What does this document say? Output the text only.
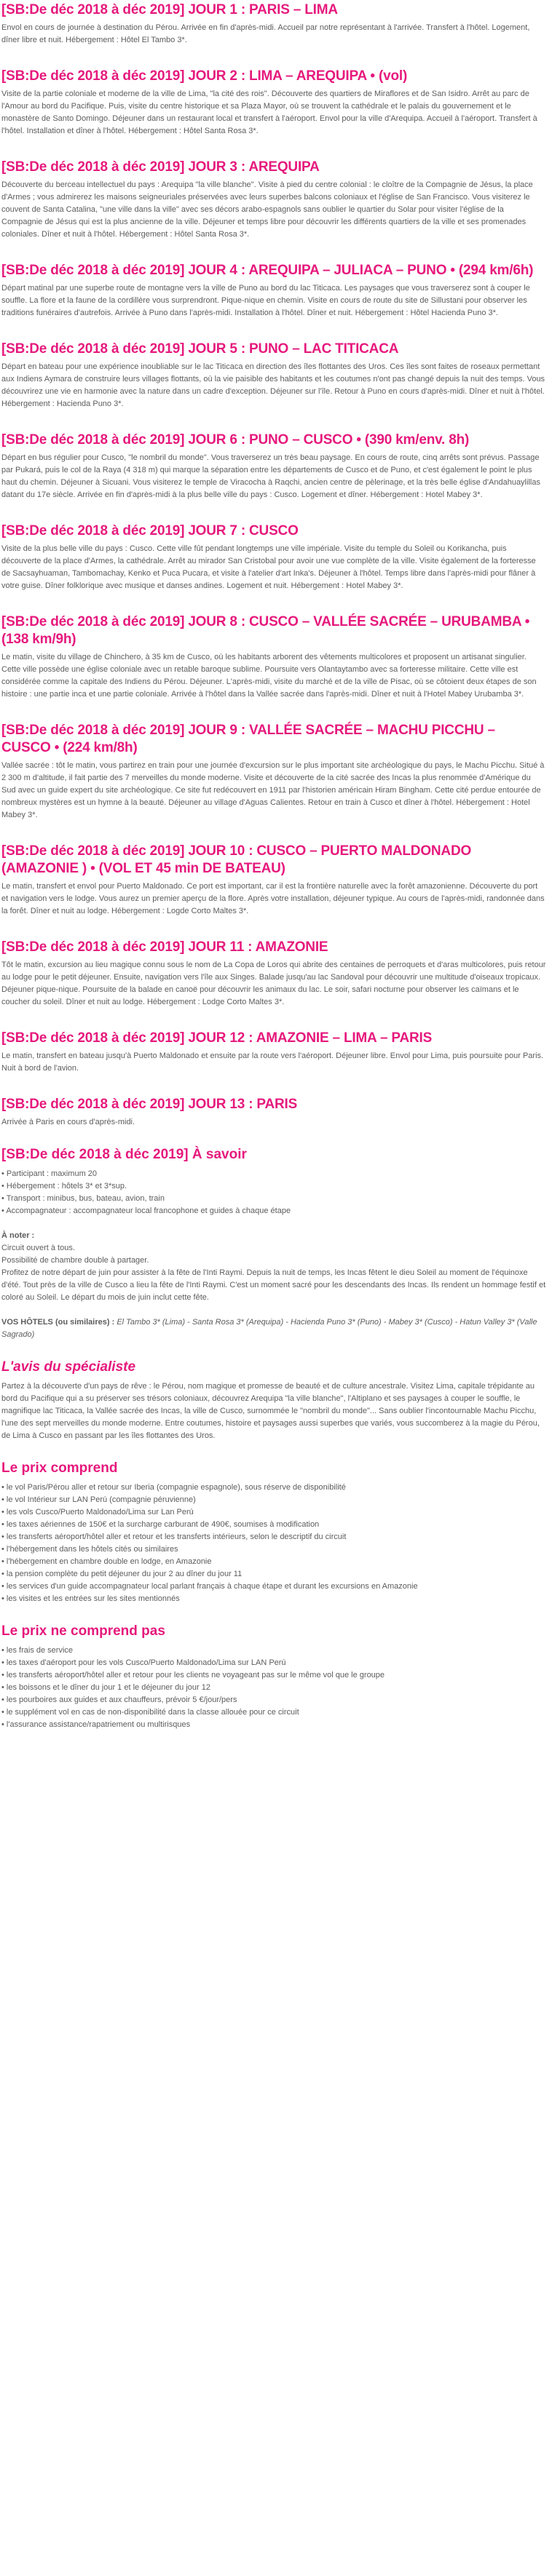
[SB:De déc 2018 à déc 2019] JOUR 1 : PARIS – LIMA

Envol en cours de journée à destination du Pérou. Arrivée en fin d'après-midi. Accueil par notre représentant à l'arrivée. Transfert à l'hôtel. Logement, dîner libre et nuit. Hébergement : Hôtel El Tambo 3*.

[SB:De déc 2018 à déc 2019] JOUR 2 : LIMA – AREQUIPA • (vol)

Visite de la partie coloniale et moderne de la ville de Lima, "la cité des rois". Découverte des quartiers de Miraflores et de San Isidro. Arrêt au parc de l'Amour au bord du Pacifique. Puis, visite du centre historique et sa Plaza Mayor, où se trouvent la cathédrale et le palais du gouvernement et le monastère de Santo Domingo. Déjeuner dans un restaurant local et transfert à l'aéroport. Envol pour la ville d'Arequipa. Accueil à l'aéroport. Transfert à l'hôtel. Installation et dîner à l'hôtel. Hébergement : Hôtel Santa Rosa 3*.

[SB:De déc 2018 à déc 2019] JOUR 3 : AREQUIPA

Découverte du berceau intellectuel du pays : Arequipa "la ville blanche". Visite à pied du centre colonial : le cloître de la Compagnie de Jésus, la place d'Armes ; vous admirerez les maisons seigneuriales préservées avec leurs superbes balcons coloniaux et l'église de San Francisco. Vous visiterez le couvent de Santa Catalina, "une ville dans la ville" avec ses décors arabo-espagnols sans oublier le quartier du Solar pour visiter l'église de la Compagnie de Jésus qui est la plus ancienne de la ville. Déjeuner et temps libre pour découvrir les différents quartiers de la ville et ses promenades coloniales. Dîner et nuit à l'hôtel. Hébergement : Hôtel Santa Rosa 3*.

[SB:De déc 2018 à déc 2019] JOUR 4 : AREQUIPA – JULIACA – PUNO • (294 km/6h)

Départ matinal par une superbe route de montagne vers la ville de Puno au bord du lac Titicaca. Les paysages que vous traverserez sont à couper le souffle. La flore et la faune de la cordillère vous surprendront. Pique-nique en chemin. Visite en cours de route du site de Sillustani pour observer les traditions funéraires d'autrefois. Arrivée à Puno dans l'après-midi. Installation à l'hôtel. Dîner et nuit. Hébergement : Hôtel Hacienda Puno 3*.

[SB:De déc 2018 à déc 2019] JOUR 5 : PUNO – LAC TITICACA

Départ en bateau pour une expérience inoubliable sur le lac Titicaca en direction des îles flottantes des Uros. Ces îles sont faites de roseaux permettant aux Indiens Aymara de construire leurs villages flottants, où la vie paisible des habitants et les coutumes n'ont pas changé depuis la nuit des temps. Vous découvrirez une vie en harmonie avec la nature dans un cadre d'exception. Déjeuner sur l'île. Retour à Puno en cours d'après-midi. Dîner et nuit à l'hôtel. Hébergement : Hacienda Puno 3*.

[SB:De déc 2018 à déc 2019] JOUR 6 : PUNO – CUSCO • (390 km/env. 8h)

Départ en bus régulier pour Cusco, "le nombril du monde". Vous traverserez un très beau paysage. En cours de route, cinq arrêts sont prévus. Passage par Pukará, puis le col de la Raya (4 318 m) qui marque la séparation entre les départements de Cusco et de Puno, et c'est également le point le plus haut du chemin. Déjeuner à Sicuani. Vous visiterez le temple de Viracocha à Raqchi, ancien centre de pèlerinage, et la très belle église d'Andahuaylillas datant du 17e siècle. Arrivée en fin d'après-midi à la plus belle ville du pays : Cusco. Logement et dîner. Hébergement : Hotel Mabey 3*.

[SB:De déc 2018 à déc 2019] JOUR 7 : CUSCO

Visite de la plus belle ville du pays : Cusco. Cette ville fût pendant longtemps une ville impériale. Visite du temple du Soleil ou Korikancha, puis découverte de la place d'Armes, la cathédrale. Arrêt au mirador San Cristobal pour avoir une vue complète de la ville. Visite également de la forteresse de Sacsayhuaman, Tambomachay, Kenko et Puca Pucara, et visite à l'atelier d'art Inka's. Déjeuner à l'hôtel. Temps libre dans l'après-midi pour flâner à votre guise. Dîner folklorique avec musique et danses andines. Logement et nuit. Hébergement : Hotel Mabey 3*.

[SB:De déc 2018 à déc 2019] JOUR 8 : CUSCO – VALLÉE SACRÉE – URUBAMBA • (138 km/9h)

Le matin, visite du village de Chinchero, à 35 km de Cusco, où les habitants arborent des vêtements multicolores et proposent un artisanat singulier. Cette ville possède une église coloniale avec un retable baroque sublime. Poursuite vers Olantaytambo avec sa forteresse militaire. Cette ville est considérée comme la capitale des Indiens du Pérou. Déjeuner. L'après-midi, visite du marché et de la ville de Pisac, où se côtoient deux étapes de son histoire : une partie inca et une partie coloniale. Arrivée à l'hôtel dans la Vallée sacrée dans l'après-midi. Dîner et nuit à l'Hotel Mabey Urubamba 3*.

[SB:De déc 2018 à déc 2019] JOUR 9 : VALLÉE SACRÉE – MACHU PICCHU – CUSCO • (224 km/8h)

Vallée sacrée : tôt le matin, vous partirez en train pour une journée d'excursion sur le plus important site archéologique du pays, le Machu Picchu. Situé à 2 300 m d'altitude, il fait partie des 7 merveilles du monde moderne. Visite et découverte de la cité sacrée des Incas la plus renommée d'Amérique du Sud avec un guide expert du site archéologique. Ce site fut redécouvert en 1911 par l'historien américain Hiram Bingham. Cette cité perdue entourée de nombreux mystères est un hymne à la beauté. Déjeuner au village d'Aguas Calientes. Retour en train à Cusco et dîner à l'hôtel. Hébergement : Hotel Mabey 3*.

[SB:De déc 2018 à déc 2019] JOUR 10 : CUSCO – PUERTO MALDONADO (AMAZONIE ) • (VOL ET 45 min DE BATEAU)

Le matin, transfert et envol pour Puerto Maldonado. Ce port est important, car il est la frontière naturelle avec la forêt amazonienne. Découverte du port et navigation vers le lodge. Vous aurez un premier aperçu de la flore. Après votre installation, déjeuner typique. Au cours de l'après-midi, randonnée dans la forêt. Dîner et nuit au lodge. Hébergement : Logde Corto Maltes 3*.

[SB:De déc 2018 à déc 2019] JOUR 11 : AMAZONIE

Tôt le matin, excursion au lieu magique connu sous le nom de La Copa de Loros qui abrite des centaines de perroquets et d'aras multicolores, puis retour au lodge pour le petit déjeuner. Ensuite, navigation vers l'île aux Singes. Balade jusqu'au lac Sandoval pour découvrir une multitude d'oiseaux tropicaux. Déjeuner pique-nique. Poursuite de la balade en canoë pour découvrir les animaux du lac. Le soir, safari nocturne pour observer les caïmans et le coucher du soleil. Dîner et nuit au lodge. Hébergement : Lodge Corto Maltes 3*.

[SB:De déc 2018 à déc 2019] JOUR 12 : AMAZONIE – LIMA – PARIS

Le matin, transfert en bateau jusqu'à Puerto Maldonado et ensuite par la route vers l'aéroport. Déjeuner libre. Envol pour Lima, puis poursuite pour Paris. Nuit à bord de l'avion.

[SB:De déc 2018 à déc 2019] JOUR 13 : PARIS

Arrivée à Paris en cours d'après-midi.

[SB:De déc 2018 à déc 2019] À savoir
• Participant : maximum 20
• Hébergement : hôtels 3* et 3*sup.
• Transport : minibus, bus, bateau, avion, train
• Accompagnateur : accompagnateur local francophone et guides à chaque étape
À noter :
Circuit ouvert à tous.
Possibilité de chambre double à partager.
Profitez de notre départ de juin pour assister à la fête de l'Inti Raymi. Depuis la nuit de temps, les Incas fêtent le dieu Soleil au moment de l'équinoxe d'été. Tout près de la ville de Cusco a lieu la fête de l'Inti Raymi. C'est un moment sacré pour les descendants des Incas. Ils rendent un hommage festif et coloré au Soleil. Le départ du mois de juin inclut cette fête.
VOS HÔTELS (ou similaires) : El Tambo 3* (Lima) - Santa Rosa 3* (Arequipa) - Hacienda Puno 3* (Puno) - Mabey 3* (Cusco) - Hatun Valley 3* (Valle Sagrado)
L'avis du spécialiste

Partez à la découverte d'un pays de rêve : le Pérou, nom magique et promesse de beauté et de culture ancestrale. Visitez Lima, capitale trépidante au bord du Pacifique qui a su préserver ses trésors coloniaux, découvrez Arequipa "la ville blanche", l'Altiplano et ses paysages à couper le souffle, le magnifique lac Titicaca, la Vallée sacrée des Incas, la ville de Cusco, surnommée le "nombril du monde"... Sans oublier l'incontournable Machu Picchu, l'une des sept merveilles du monde moderne. Entre coutumes, histoire et paysages aussi superbes que variés, vous succomberez à la magie du Pérou, de Lima à Cusco en passant par les îles flottantes des Uros.

Le prix comprend
• le vol Paris/Pérou aller et retour sur Iberia (compagnie espagnole), sous réserve de disponibilité
• le vol Intérieur sur LAN Perú (compagnie péruvienne)
• les vols Cusco/Puerto Maldonado/Lima sur Lan Perú
• les taxes aériennes de 150€ et la surcharge carburant de 490€, soumises à modification
• les transferts aéroport/hôtel aller et retour et les transferts intérieurs, selon le descriptif du circuit
• l'hébergement dans les hôtels cités ou similaires
• l'hébergement en chambre double en lodge, en Amazonie
• la pension complète du petit déjeuner du jour 2 au dîner du jour 11
• les services d'un guide accompagnateur local parlant français à chaque étape et durant les excursions en Amazonie
• les visites et les entrées sur les sites mentionnés
Le prix ne comprend pas
• les frais de service
• les taxes d'aéroport pour les vols Cusco/Puerto Maldonado/Lima sur LAN Perú
• les transferts aéroport/hôtel aller et retour pour les clients ne voyageant pas sur le même vol que le groupe
• les boissons et le dîner du jour 1 et le déjeuner du jour 12
• les pourboires aux guides et aux chauffeurs, prévoir 5 €/jour/pers
• le supplément vol en cas de non-disponibilité dans la classe allouée pour ce circuit
• l'assurance assistance/rapatriement ou multirisques
